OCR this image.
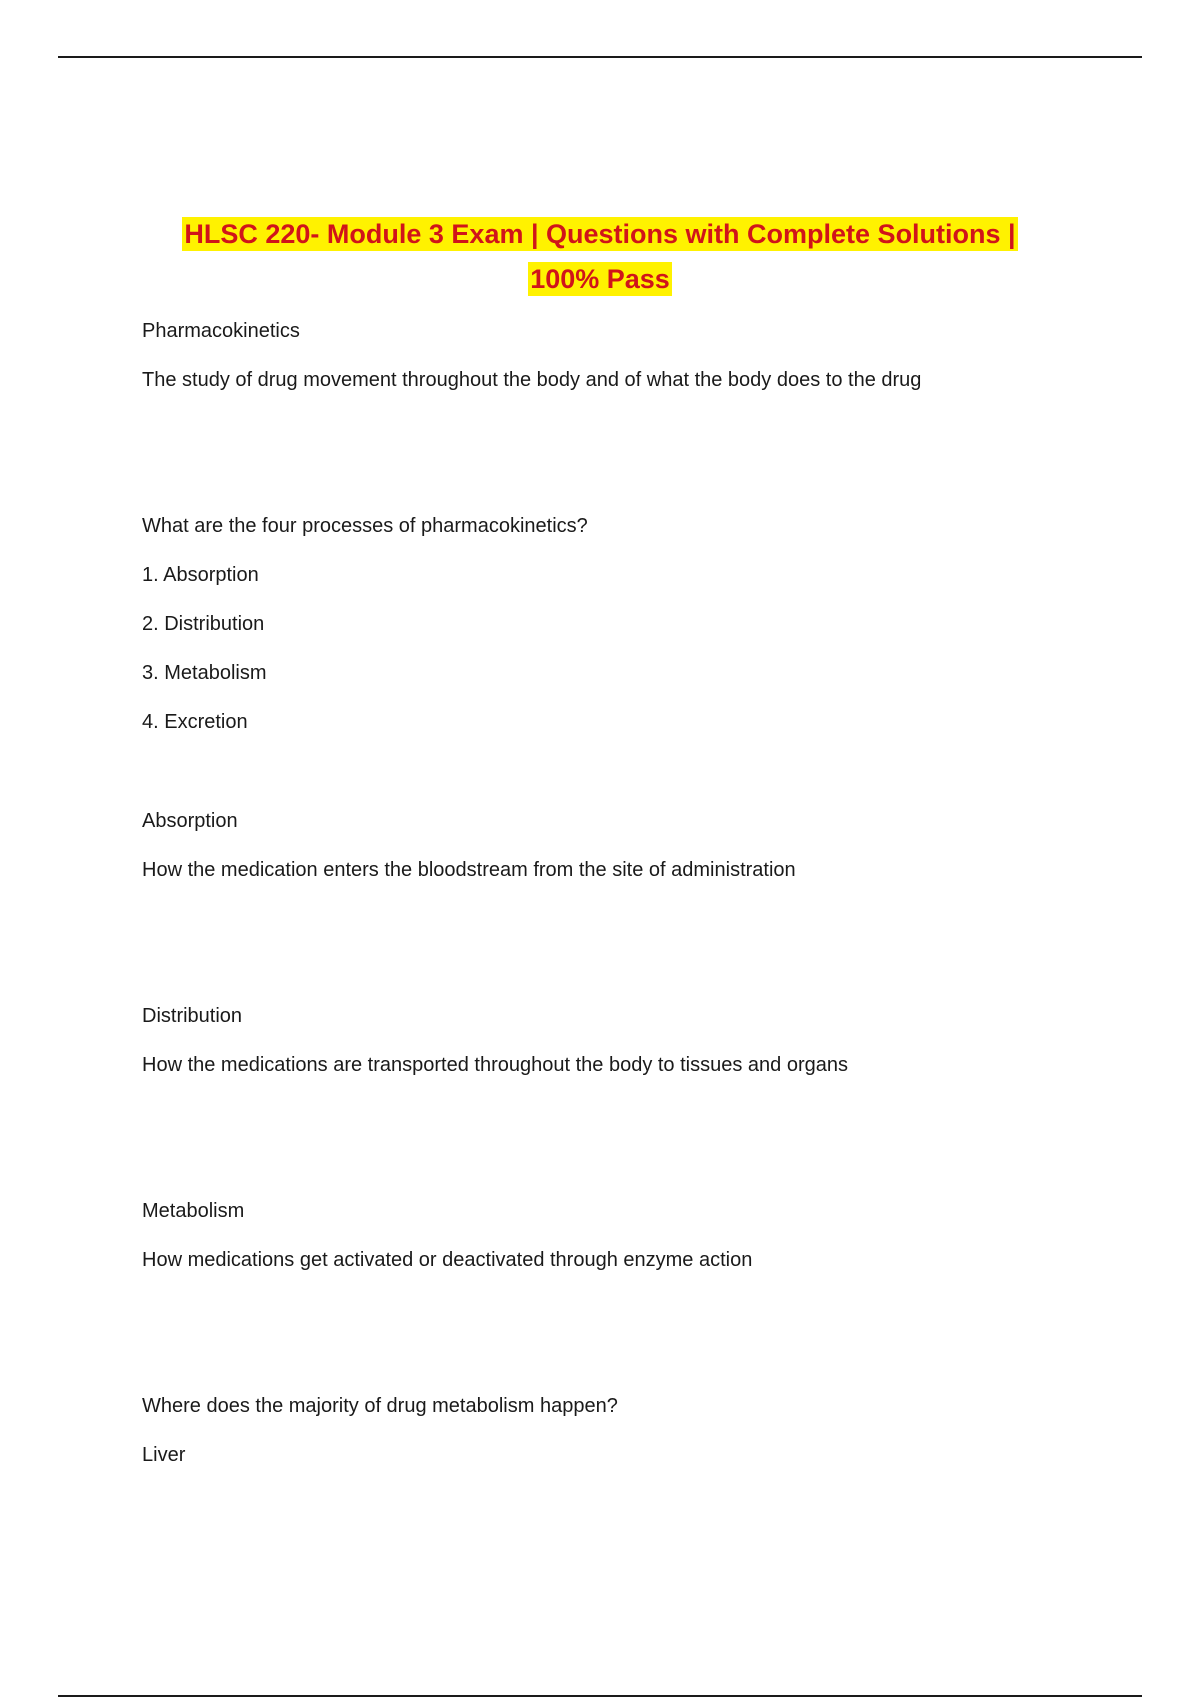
HLSC 220- Module 3 Exam | Questions with Complete Solutions |
100% Pass

Pharmacokinetics

The study of drug movement throughout the body and of what the body does to the drug

What are the four processes of pharmacokinetics?

1. Absorption

2. Distribution

3. Metabolism

4. Excretion

Absorption

How the medication enters the bloodstream from the site of administration

Distribution

How the medications are transported throughout the body to tissues and organs

Metabolism

How medications get activated or deactivated through enzyme action

Where does the majority of drug metabolism happen?

Liver
